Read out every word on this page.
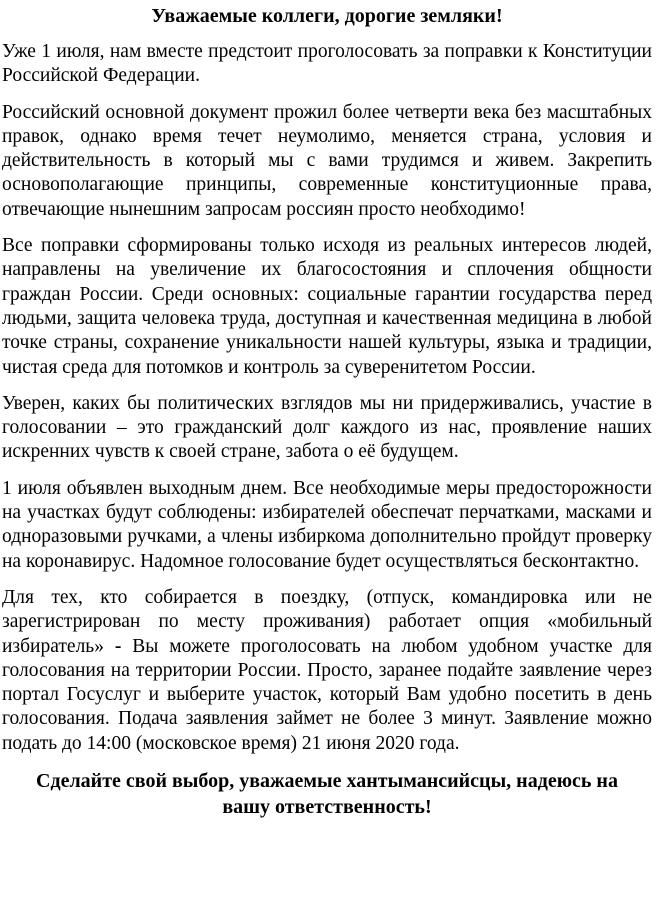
Уважаемые коллеги, дорогие земляки!

Уже 1 июля, нам вместе предстоит проголосовать за поправки к Конституции Российской Федерации.

Российский основной документ прожил более четверти века без масштабных правок, однако время течет неумолимо, меняется страна, условия и действительность в который мы с вами трудимся и живем. Закрепить основополагающие принципы, современные конституционные права, отвечающие нынешним запросам россиян просто необходимо!

Все поправки сформированы только исходя из реальных интересов людей, направлены на увеличение их благосостояния и сплочения общности граждан России. Среди основных: социальные гарантии государства перед людьми, защита человека труда, доступная и качественная медицина в любой точке страны, сохранение уникальности нашей культуры, языка и традиции, чистая среда для потомков и контроль за суверенитетом России.

Уверен, каких бы политических взглядов мы ни придерживались, участие в голосовании – это гражданский долг каждого из нас, проявление наших искренних чувств к своей стране, забота о её будущем.

1 июля объявлен выходным днем. Все необходимые меры предосторожности на участках будут соблюдены: избирателей обеспечат перчатками, масками и одноразовыми ручками, а члены избиркома дополнительно пройдут проверку на коронавирус. Надомное голосование будет осуществляться бесконтактно.

Для тех, кто собирается в поездку, (отпуск, командировка или не зарегистрирован по месту проживания) работает опция «мобильный избиратель» - Вы можете проголосовать на любом удобном участке для голосования на территории России. Просто, заранее подайте заявление через портал Госуслуг и выберите участок, который Вам удобно посетить в день голосования. Подача заявления займет не более 3 минут. Заявление можно подать до 14:00 (московское время) 21 июня 2020 года.

Сделайте свой выбор, уважаемые хантымансийсцы, надеюсь на вашу ответственность!
